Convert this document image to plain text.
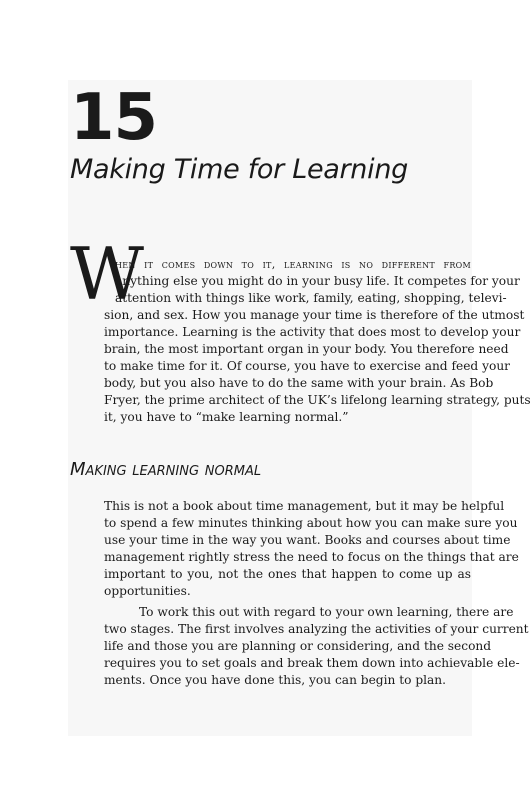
15
Making Time for Learning
W
hen it comes down to it, learning is no different from
anything else you might do in your busy life. It competes for your
attention with things like work, family, eating, shopping, televi-
sion, and sex. How you manage your time is therefore of the utmost
importance. Learning is the activity that does most to develop your
brain, the most important organ in your body. You therefore need
to make time for it. Of course, you have to exercise and feed your
body, but you also have to do the same with your brain. As Bob
Fryer, the prime architect of the UK’s lifelong learning strategy, puts
it, you have to “make learning normal.”
Making learning normal
This is not a book about time management, but it may be helpful
to spend a few minutes thinking about how you can make sure you
use your time in the way you want. Books and courses about time
management rightly stress the need to focus on the things that are
important to you, not the ones that happen to come up as
opportunities.
To work this out with regard to your own learning, there are
two stages. The first involves analyzing the activities of your current
life and those you are planning or considering, and the second
requires you to set goals and break them down into achievable ele-
ments. Once you have done this, you can begin to plan.
